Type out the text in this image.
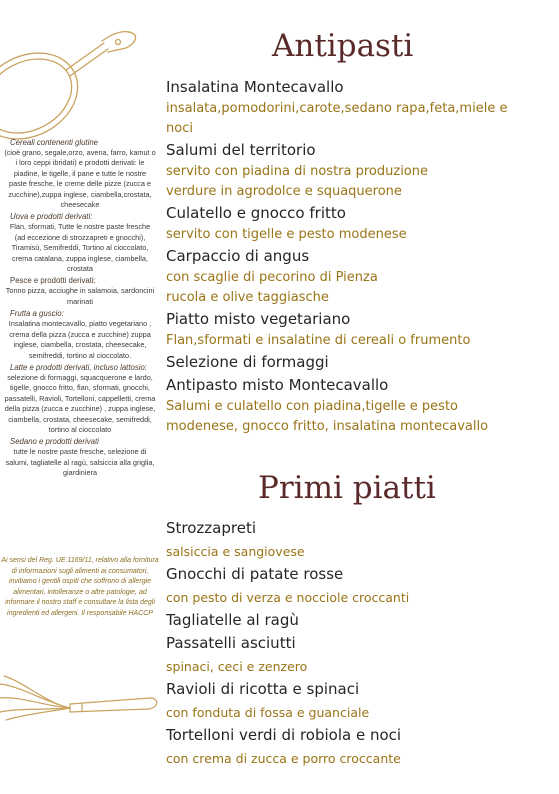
Cereali contenenti glutine
(cioè grano, segale,orzo, avena, farro, kamut o i loro ceppi ibridati) e prodotti derivati: le piadine, le tigelle, il pane e tutte le nostre paste fresche, le creme delle pizze (zucca e zucchine),zuppa inglese, ciambella,crostata, cheesecake
Uova e prodotti derivati:
Flan, sformati, Tutte le nostre paste fresche (ad eccezione di strozzapreti e gnocchi), Tiramisù, Semifreddi, Tortino al cioccolato, crema catalana, zuppa inglese, ciambella, crostata
Pesce e prodotti derivati:
Tonno pizza, acciughe in salamoia, sardoncini marinati
Frutta a guscio:
Insalatina montecavallo, piatto vegetariano , crema della pizza (zucca e zucchine) zuppa inglese, ciambella, crostata, cheesecake, semifreddi, tortino al cioccolato.
Latte e prodotti derivati, incluso lattosio:
selezione di formaggi, squacquerone e lardo, tigelle, gnocco fritto, flan, sformati, gnocchi, passatelli, Ravioli, Tortelloni, cappelletti, crema della pizza (zucca e zucchine) , zuppa inglese, ciambella, crostata, cheesecake, semifreddi, tortino al cioccolato
Sedano e prodotti derivati
tutte le nostre paste fresche, selezione di salumi, tagliatelle al ragù, salsiccia alla griglia, giardiniera
Ai sensi del Reg. UE 1169/11, relativo alla fornitura di informazioni sugli alimenti ai consumatori, invitiamo i gentili ospiti che soffrono di allergie alimentari, intolleranze o altre patologie, ad informare il nostro staff e consultare la lista degli ingredienti ed allergeni. Il responsabile HACCP
Antipasti
Insalatina Montecavallo
insalata,pomodorini,carote,sedano rapa,feta,miele e
noci
Salumi del territorio
servito con piadina di nostra produzione
verdure in agrodolce e squaquerone
Culatello e gnocco fritto
servito con tigelle e pesto modenese
Carpaccio di angus
con scaglie di pecorino di Pienza
rucola e olive taggiasche
Piatto misto vegetariano
Flan,sformati e insalatine di cereali o frumento
Selezione di formaggi
Antipasto misto Montecavallo
Salumi e culatello con piadina,tigelle e pesto
modenese, gnocco fritto, insalatina montecavallo
Primi piatti
Strozzapreti
salsiccia e sangiovese
Gnocchi di patate rosse
con pesto di verza e nocciole croccanti
Tagliatelle al ragù
Passatelli asciutti
spinaci, ceci e zenzero
Ravioli di ricotta e spinaci
con fonduta di fossa e guanciale
Tortelloni verdi di robiola e noci
con crema di zucca e porro croccante
